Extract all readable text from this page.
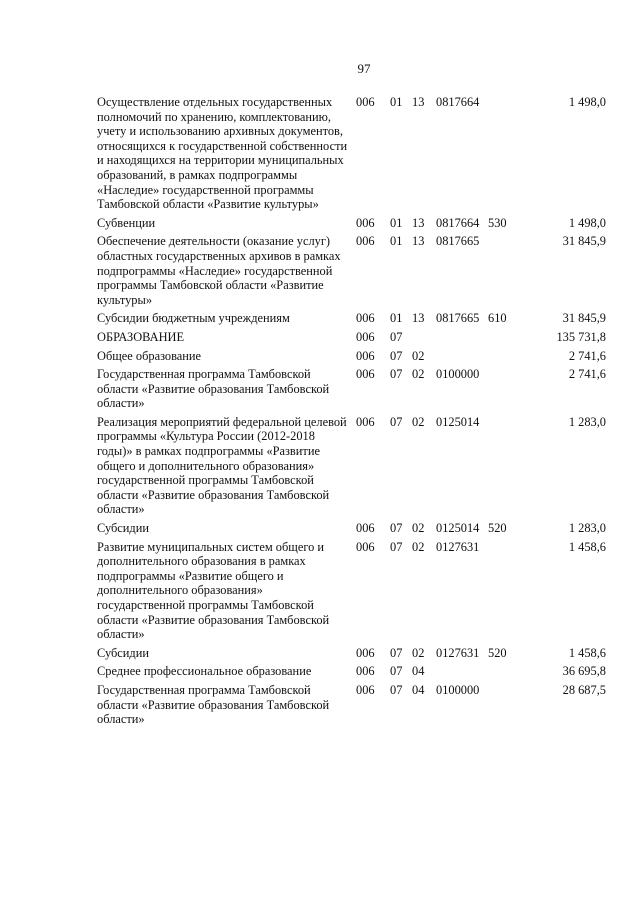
97
Осуществление отдельных государственных полномочий по хранению, комплектованию, учету и использованию архивных документов, относящихся к государственной собственности и находящихся на территории муниципальных образований, в рамках подпрограммы «Наследие» государственной программы Тамбовской области «Развитие культуры»	006	01	13	0817664		1 498,0
Субвенции	006	01	13	0817664	530	1 498,0
Обеспечение деятельности (оказание услуг) областных государственных архивов в рамках подпрограммы «Наследие» государственной программы Тамбовской области «Развитие культуры»	006	01	13	0817665		31 845,9
Субсидии бюджетным учреждениям	006	01	13	0817665	610	31 845,9
ОБРАЗОВАНИЕ	006	07				135 731,8
Общее образование	006	07	02			2 741,6
Государственная программа Тамбовской области «Развитие образования Тамбовской области»	006	07	02	0100000		2 741,6
Реализация мероприятий федеральной целевой программы «Культура России (2012-2018 годы)» в рамках подпрограммы «Развитие общего и дополнительного образования» государственной программы Тамбовской области «Развитие образования Тамбовской области»	006	07	02	0125014		1 283,0
Субсидии	006	07	02	0125014	520	1 283,0
Развитие муниципальных систем общего и дополнительного образования в рамках подпрограммы «Развитие общего и дополнительного образования» государственной программы Тамбовской области «Развитие образования Тамбовской области»	006	07	02	0127631		1 458,6
Субсидии	006	07	02	0127631	520	1 458,6
Среднее профессиональное образование	006	07	04			36 695,8
Государственная программа Тамбовской области «Развитие образования Тамбовской области»	006	07	04	0100000		28 687,5
